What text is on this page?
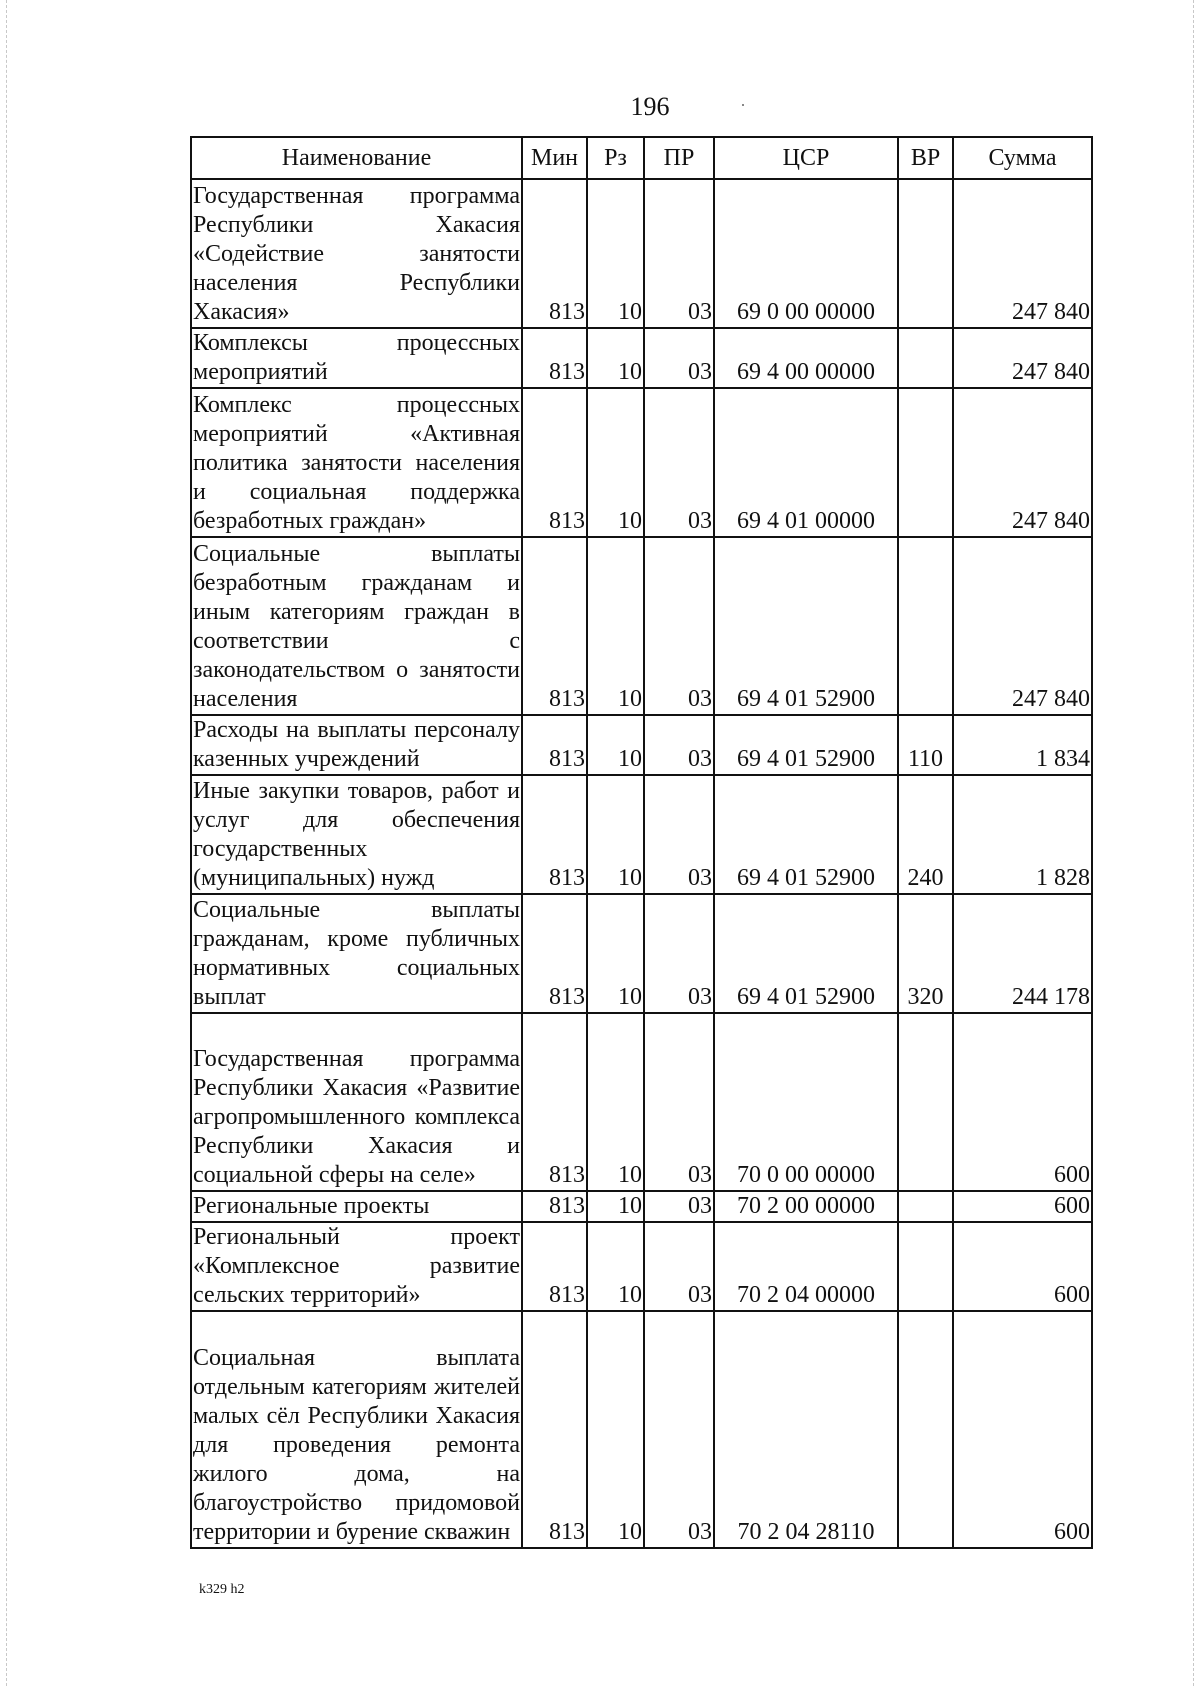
196
Наименование	Мин	Рз	ПР	ЦСР	ВР	Сумма
Государственная программа Республики Хакасия «Содействие занятости населения Республики Хакасия»	813	10	03	69 0 00 00000		247 840
Комплексы процессных мероприятий	813	10	03	69 4 00 00000		247 840
Комплекс процессных мероприятий «Активная политика занятости населения и социальная поддержка безработных граждан»	813	10	03	69 4 01 00000		247 840
Социальные выплаты безработным гражданам и иным категориям граждан в соответствии с законодательством о занятости населения	813	10	03	69 4 01 52900		247 840
Расходы на выплаты персоналу казенных учреждений	813	10	03	69 4 01 52900	110	1 834
Иные закупки товаров, работ и услуг для обеспечения государственных (муниципальных) нужд	813	10	03	69 4 01 52900	240	1 828
Социальные выплаты гражданам, кроме публичных нормативных социальных выплат	813	10	03	69 4 01 52900	320	244 178
Государственная программа Республики Хакасия «Развитие агропромышленного комплекса Республики Хакасия и социальной сферы на селе»	813	10	03	70 0 00 00000		600
Региональные проекты	813	10	03	70 2 00 00000		600
Региональный проект «Комплексное развитие сельских территорий»	813	10	03	70 2 04 00000		600
Социальная выплата отдельным категориям жителей малых сёл Республики Хакасия для проведения ремонта жилого дома, на благоустройство придомовой территории и бурение скважин	813	10	03	70 2 04 28110		600
k329 h2
